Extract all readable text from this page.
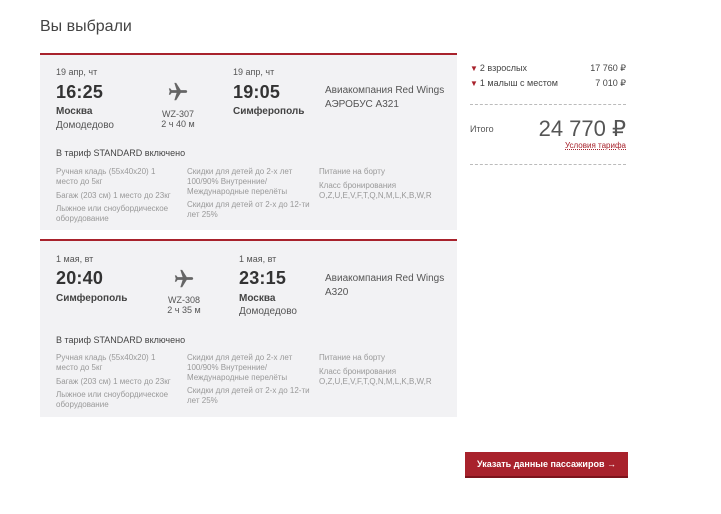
Вы выбрали
19 апр, чт
16:25
Москва
Домодедово
WZ-307
2 ч 40 м
19 апр, чт
19:05
Симферополь
Авиакомпания Red Wings
АЭРОБУС A321
В тариф STANDARD включено
Ручная кладь (55x40x20) 1 место до 5кг
Багаж (203 см) 1 место до 23кг
Лыжное или сноубордическое оборудование
Скидки для детей до 2-х лет 100/90% Внутренние/ Международные перелёты
Скидки для детей от 2-х до 12-ти лет 25%
Питание на борту
Класс бронирования O,Z,U,E,V,F,T,Q,N,M,L,K,B,W,R
1 мая, вт
20:40
Симферополь	WZ-308
2 ч 35 м
1 мая, вт
23:15
Москва
Домодедово
Авиакомпания Red Wings
A320
В тариф STANDARD включено
Ручная кладь (55x40x20) 1 место до 5кг
Багаж (203 см) 1 место до 23кг
Лыжное или сноубордическое оборудование
Скидки для детей до 2-х лет 100/90% Внутренние/ Международные перелёты
Скидки для детей от 2-х до 12-ти лет 25%
Питание на борту
Класс бронирования O,Z,U,E,V,F,T,Q,N,M,L,K,B,W,R
▼ 2 взрослых	17 760 ₽
▼ 1 малыш с местом	7 010 ₽
Итого 24 770 ₽
Условия тарифа
Указать данные пассажиров →
